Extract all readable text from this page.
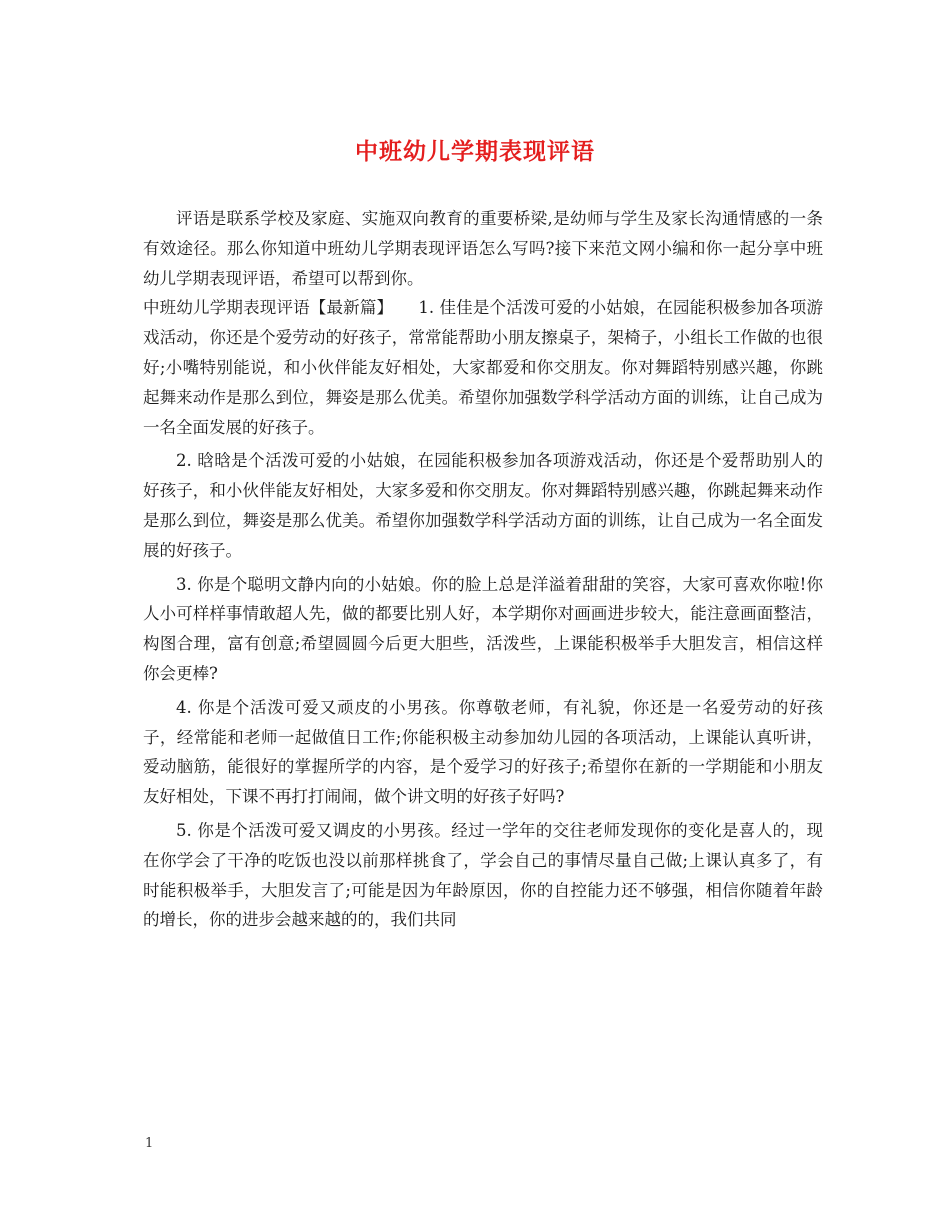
中班幼儿学期表现评语

评语是联系学校及家庭、实施双向教育的重要桥梁,是幼师与学生及家长沟通情感的一条有效途径。那么你知道中班幼儿学期表现评语怎么写吗?接下来范文网小编和你一起分享中班幼儿学期表现评语，希望可以帮到你。

中班幼儿学期表现评语【最新篇】　　1. 佳佳是个活泼可爱的小姑娘，在园能积极参加各项游戏活动，你还是个爱劳动的好孩子，常常能帮助小朋友擦桌子，架椅子，小组长工作做的也很好;小嘴特别能说，和小伙伴能友好相处，大家都爱和你交朋友。你对舞蹈特别感兴趣，你跳起舞来动作是那么到位，舞姿是那么优美。希望你加强数学科学活动方面的训练，让自己成为一名全面发展的好孩子。

2. 晗晗是个活泼可爱的小姑娘，在园能积极参加各项游戏活动，你还是个爱帮助别人的好孩子，和小伙伴能友好相处，大家多爱和你交朋友。你对舞蹈特别感兴趣，你跳起舞来动作是那么到位，舞姿是那么优美。希望你加强数学科学活动方面的训练，让自己成为一名全面发展的好孩子。

3. 你是个聪明文静内向的小姑娘。你的脸上总是洋溢着甜甜的笑容，大家可喜欢你啦!你人小可样样事情敢超人先，做的都要比别人好，本学期你对画画进步较大，能注意画面整洁，构图合理，富有创意;希望圆圆今后更大胆些，活泼些，上课能积极举手大胆发言，相信这样你会更棒?

4. 你是个活泼可爱又顽皮的小男孩。你尊敬老师，有礼貌，你还是一名爱劳动的好孩子，经常能和老师一起做值日工作;你能积极主动参加幼儿园的各项活动，上课能认真听讲，爱动脑筋，能很好的掌握所学的内容，是个爱学习的好孩子;希望你在新的一学期能和小朋友友好相处，下课不再打打闹闹，做个讲文明的好孩子好吗?

5. 你是个活泼可爱又调皮的小男孩。经过一学年的交往老师发现你的变化是喜人的，现在你学会了干净的吃饭也没以前那样挑食了，学会自己的事情尽量自己做;上课认真多了，有时能积极举手，大胆发言了;可能是因为年龄原因，你的自控能力还不够强，相信你随着年龄的增长，你的进步会越来越的的，我们共同

1
